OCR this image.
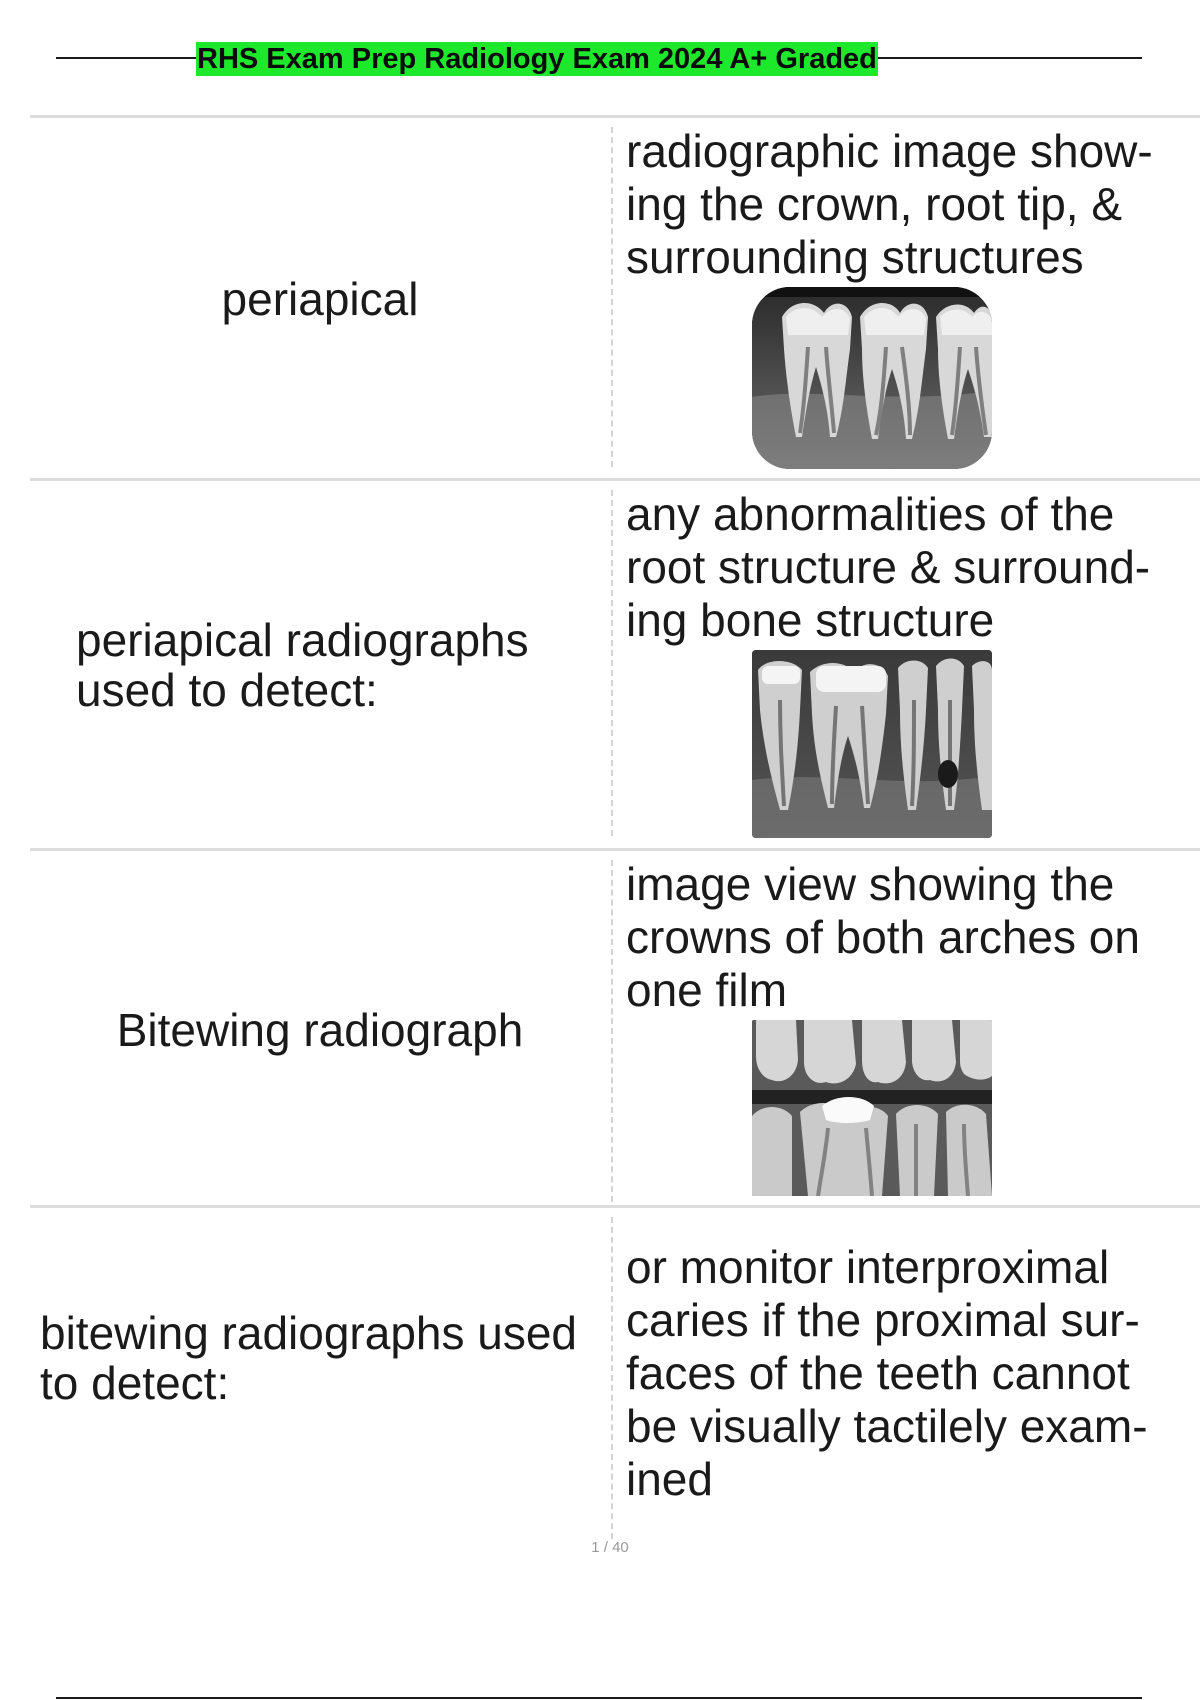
RHS Exam Prep Radiology Exam 2024 A+ Graded
periapical
radiographic image show-
ing the crown, root tip, &
surrounding structures
periapical radiographs
used to detect:
any abnormalities of the
root structure & surround-
ing bone structure
Bitewing radiograph
image view showing the
crowns of both arches on
one film
bitewing radiographs used
to detect:
or monitor interproximal
caries if the proximal sur-
faces of the teeth cannot
be visually tactilely exam-
ined
1 / 40
